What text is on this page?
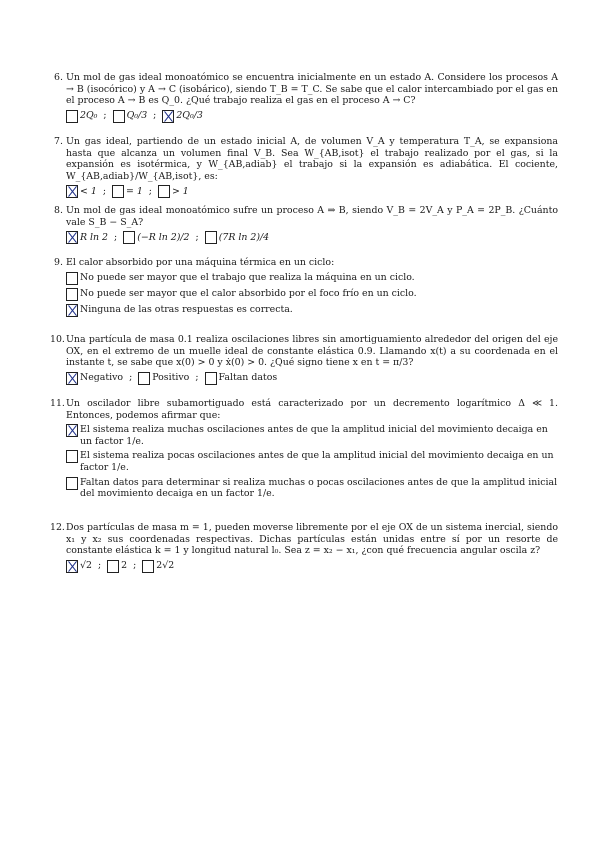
6. Un mol de gas ideal monoatómico se encuentra inicialmente en un estado A. Considere los procesos A → B (isocórico) y A → C (isobárico), siendo T_B = T_C. Se sabe que el calor intercambiado por el gas en el proceso A → B es Q_0. ¿Qué trabajo realiza el gas en el proceso A → C?

2Q₀ ; Q₀/3 ; 2Q₀/3
7. Un gas ideal, partiendo de un estado inicial A, de volumen V_A y temperatura T_A, se expansiona hasta que alcanza un volumen final V_B. Sea W_{AB,isot} el trabajo realizado por el gas, si la expansión es isotérmica, y W_{AB,adiab} el trabajo si la expansión es adiabática. El cociente, W_{AB,adiab}/W_{AB,isot}, es:

< 1 ; = 1 ; > 1
8. Un mol de gas ideal monoatómico sufre un proceso A ⇒ B, siendo V_B = 2V_A y P_A = 2P_B. ¿Cuánto vale S_B − S_A?

R ln 2 ; (−R ln 2)/2 ; (7R ln 2)/4
9. El calor absorbido por una máquina térmica en un ciclo:

No puede ser mayor que el trabajo que realiza la máquina en un ciclo.
No puede ser mayor que el calor absorbido por el foco frío en un ciclo.
Ninguna de las otras respuestas es correcta.
10. Una partícula de masa 0.1 realiza oscilaciones libres sin amortiguamiento alrededor del origen del eje OX, en el extremo de un muelle ideal de constante elástica 0.9. Llamando x(t) a su coordenada en el instante t, se sabe que x(0) > 0 y ẋ(0) > 0. ¿Qué signo tiene x en t = π/3?

Negativo ; Positivo ; Faltan datos
11. Un oscilador libre subamortiguado está caracterizado por un decremento logarítmico Δ ≪ 1. Entonces, podemos afirmar que:

El sistema realiza muchas oscilaciones antes de que la amplitud inicial del movimiento decaiga en un factor 1/e.
El sistema realiza pocas oscilaciones antes de que la amplitud inicial del movimiento decaiga en un factor 1/e.
Faltan datos para determinar si realiza muchas o pocas oscilaciones antes de que la amplitud inicial del movimiento decaiga en un factor 1/e.
12. Dos partículas de masa m = 1, pueden moverse libremente por el eje OX de un sistema inercial, siendo x₁ y x₂ sus coordenadas respectivas. Dichas partículas están unidas entre sí por un resorte de constante elástica k = 1 y longitud natural l₀. Sea z = x₂ − x₁, ¿con qué frecuencia angular oscila z?

√2 ; 2 ; 2√2
